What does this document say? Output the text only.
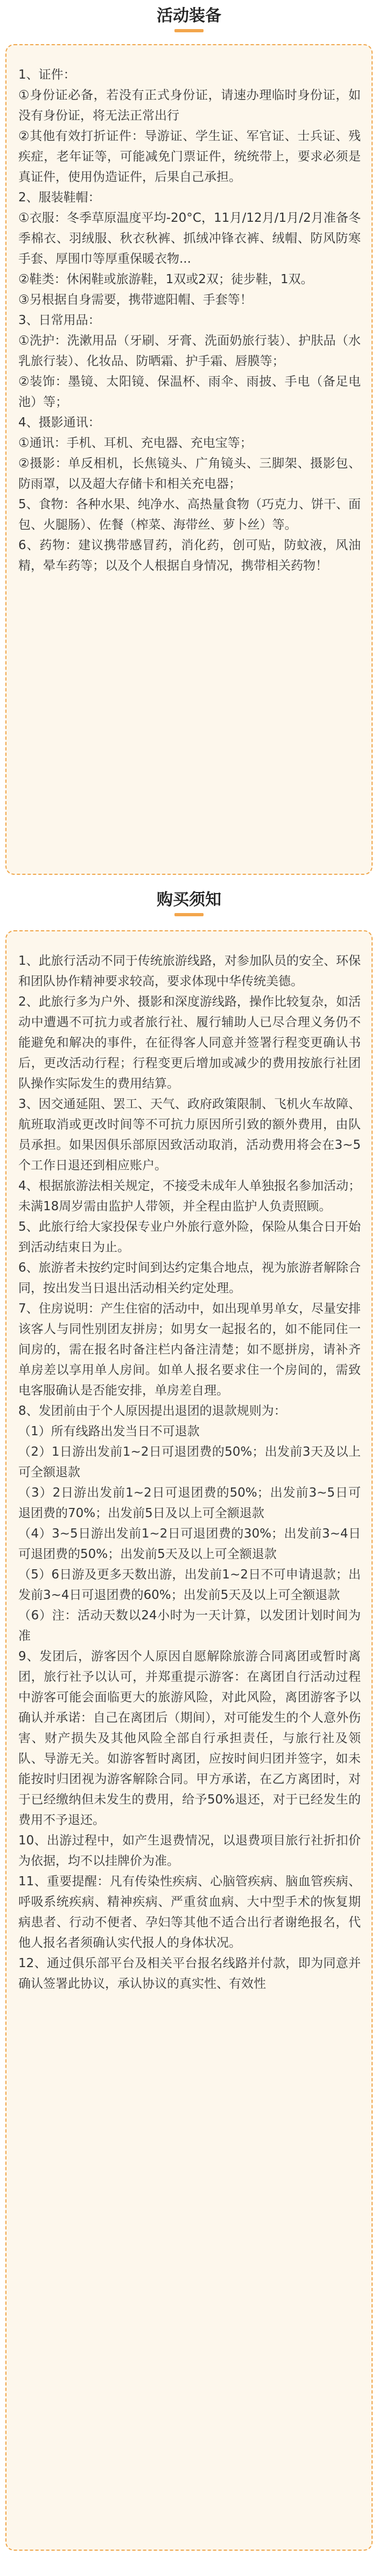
活动装备

1、证件：

①身份证必备，若没有正式身份证，请速办理临时身份证，如没有身份证，将无法正常出行

②其他有效打折证件：导游证、学生证、军官证、士兵证、残疾症，老年证等，可能减免门票证件，统统带上，要求必须是真证件，使用伪造证件，后果自己承担。

2、服装鞋帽：

①衣服：冬季草原温度平均-20°C，11月/12月/1月/2月准备冬季棉衣、羽绒服、秋衣秋裤、抓绒冲锋衣裤、绒帽、防风防寒手套、厚围巾等厚重保暖衣物...

②鞋类：休闲鞋或旅游鞋，1双或2双；徒步鞋，1双。

③另根据自身需要，携带遮阳帽、手套等！

3、日常用品：

①洗护：洗漱用品（牙刷、牙膏、洗面奶旅行装）、护肤品（水乳旅行装）、化妆品、防晒霜、护手霜、唇膜等；

②装饰：墨镜、太阳镜、保温杯、雨伞、雨披、手电（备足电池）等；

4、摄影通讯：

①通讯：手机、耳机、充电器、充电宝等；

②摄影：单反相机，长焦镜头、广角镜头、三脚架、摄影包、防雨罩，以及超大存储卡和相关充电器；

5、食物：各种水果、纯净水、高热量食物（巧克力、饼干、面包、火腿肠）、佐餐（榨菜、海带丝、萝卜丝）等。

6、药物：建议携带感冒药，消化药，创可贴，防蚊液，风油精，晕车药等；以及个人根据自身情况，携带相关药物！

购买须知

1、此旅行活动不同于传统旅游线路，对参加队员的安全、环保和团队协作精神要求较高，要求体现中华传统美德。

2、此旅行多为户外、摄影和深度游线路，操作比较复杂，如活动中遭遇不可抗力或者旅行社、履行辅助人已尽合理义务仍不能避免和解决的事件，在征得客人同意并签署行程变更确认书后，更改活动行程；行程变更后增加或减少的费用按旅行社团队操作实际发生的费用结算。

3、因交通延阻、罢工、天气、政府政策限制、飞机火车故障、航班取消或更改时间等不可抗力原因所引致的额外费用，由队员承担。如果因俱乐部原因致活动取消，活动费用将会在3~5个工作日退还到相应账户。

4、根据旅游法相关规定，不接受未成年人单独报名参加活动；未满18周岁需由监护人带领，并全程由监护人负责照顾。

5、此旅行给大家投保专业户外旅行意外险，保险从集合日开始到活动结束日为止。

6、旅游者未按约定时间到达约定集合地点，视为旅游者解除合同，按出发当日退出活动相关约定处理。

7、住房说明：产生住宿的活动中，如出现单男单女，尽量安排该客人与同性别团友拼房；如男女一起报名的，如不能同住一间房的，需在报名时备注栏内备注清楚；如不愿拼房，请补齐单房差以享用单人房间。如单人报名要求住一个房间的，需致电客服确认是否能安排，单房差自理。

8、发团前由于个人原因提出退团的退款规则为：

（1）所有线路出发当日不可退款

（2）1日游出发前1~2日可退团费的50%；出发前3天及以上可全额退款

（3）2日游出发前1~2日可退团费的50%；出发前3~5日可退团费的70%；出发前5日及以上可全额退款

（4）3~5日游出发前1~2日可退团费的30%；出发前3~4日可退团费的50%；出发前5天及以上可全额退款

（5）6日游及更多天数出游，出发前1~2日不可申请退款；出发前3~4日可退团费的60%；出发前5天及以上可全额退款

（6）注：活动天数以24小时为一天计算，以发团计划时间为准

9、发团后，游客因个人原因自愿解除旅游合同离团或暂时离团，旅行社予以认可，并郑重提示游客：在离团自行活动过程中游客可能会面临更大的旅游风险，对此风险，离团游客予以确认并承诺：自己在离团后（期间），对可能发生的个人意外伤害、财产损失及其他风险全部自行承担责任，与旅行社及领队、导游无关。如游客暂时离团，应按时间归团并签字，如未能按时归团视为游客解除合同。甲方承诺，在乙方离团时，对于已经缴纳但未发生的费用，给予50%退还，对于已经发生的费用不予退还。

10、出游过程中，如产生退费情况，以退费项目旅行社折扣价为依据，均不以挂牌价为准。

11、重要提醒：凡有传染性疾病、心脑管疾病、脑血管疾病、呼吸系统疾病、精神疾病、严重贫血病、大中型手术的恢复期病患者、行动不便者、孕妇等其他不适合出行者谢绝报名，代他人报名者须确认实代报人的身体状况。

12、通过俱乐部平台及相关平台报名线路并付款，即为同意并确认签署此协议，承认协议的真实性、有效性
